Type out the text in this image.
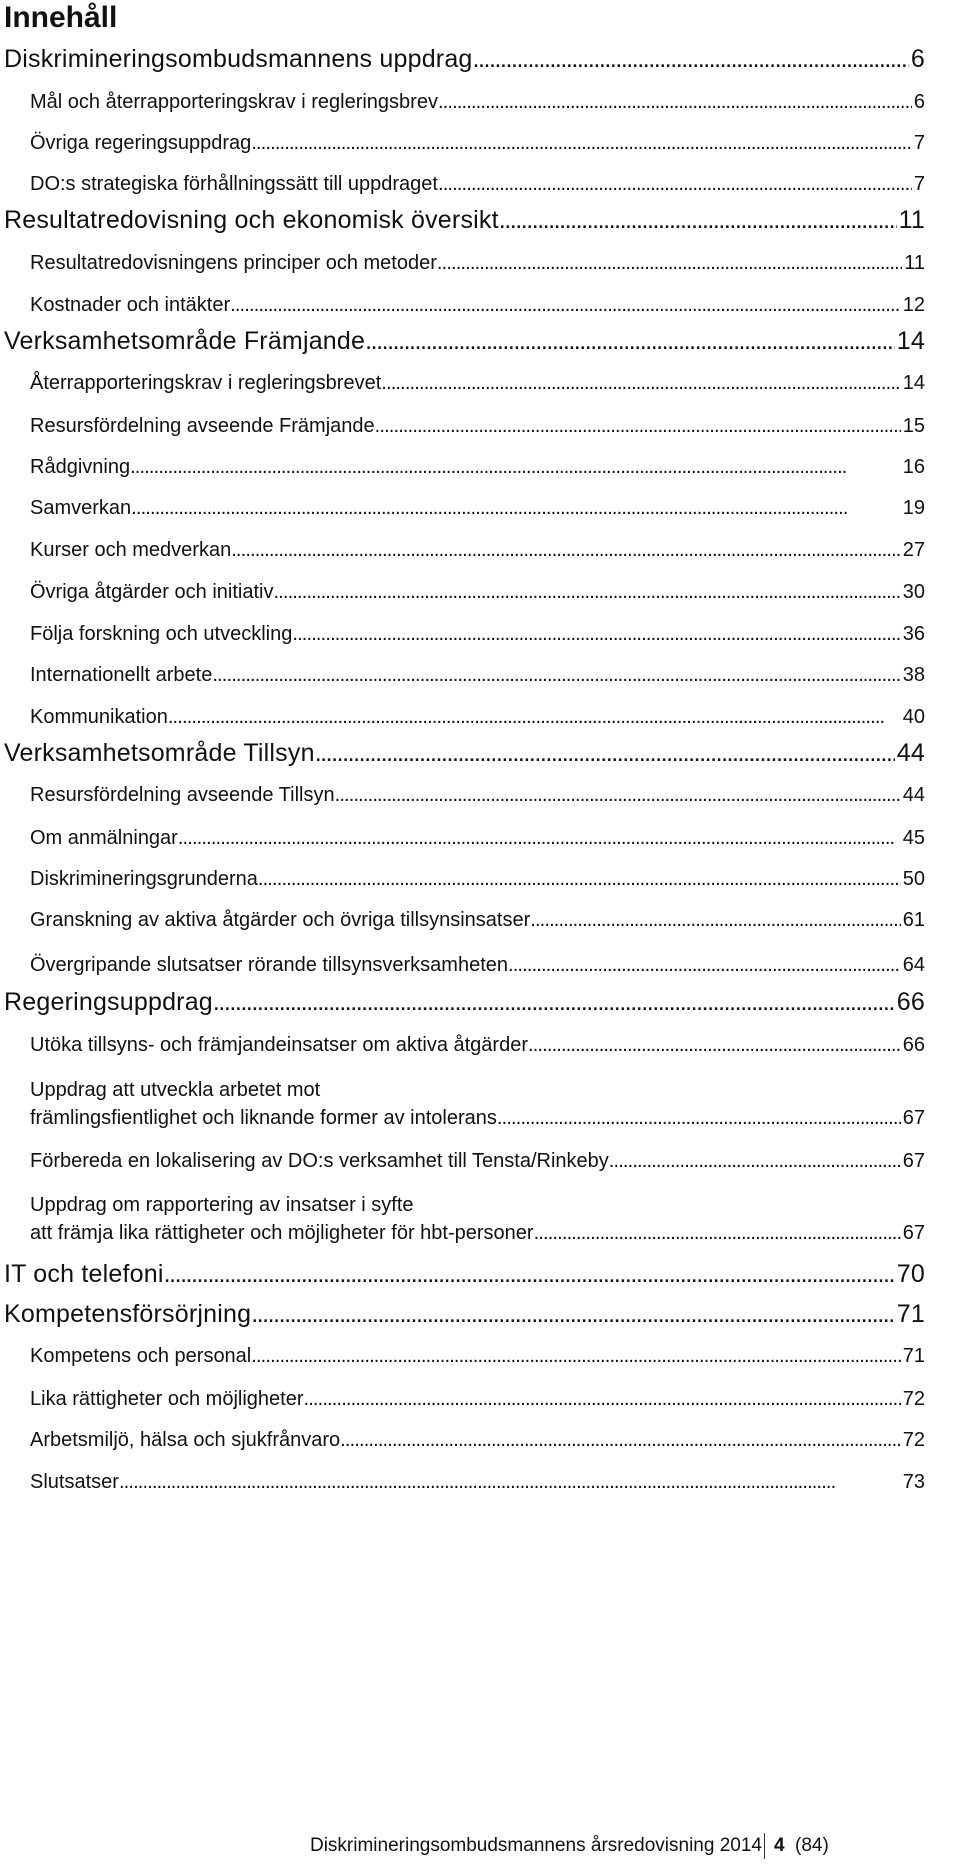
Innehåll
Diskrimineringsombudsmannens uppdrag . . .	6
Mål och återrapporteringskrav i regleringsbrev . . .	6
Övriga regeringsuppdrag . . .	7
DO:s strategiska förhållningssätt till uppdraget . . .	7
Resultatredovisning och ekonomisk översikt . . .	11
Resultatredovisningens principer och metoder . . .	11
Kostnader och intäkter . . .	12
Verksamhetsområde Främjande . . .	14
Återrapporteringskrav i regleringsbrevet . . .	14
Resursfördelning avseende Främjande . . .	15
Rådgivning . . .	16
Samverkan . . .	19
Kurser och medverkan . . .	27
Övriga åtgärder och initiativ . . .	30
Följa forskning och utveckling . . .	36
Internationellt arbete . . .	38
Kommunikation . . .	40
Verksamhetsområde Tillsyn . . .	44
Resursfördelning avseende Tillsyn . . .	44
Om anmälningar . . .	45
Diskrimineringsgrunderna . . .	50
Granskning av aktiva åtgärder och övriga tillsynsinsatser . . .	61
Övergripande slutsatser rörande tillsynsverksamheten . . .	64
Regeringsuppdrag . . .	66
Utöka tillsyns- och främjandeinsatser om aktiva åtgärder . . .	66
Uppdrag att utveckla arbetet mot
främlingsfientlighet och liknande former av intolerans . . .	67
Förbereda en lokalisering av DO:s verksamhet till Tensta/Rinkeby . . .	67
Uppdrag om rapportering av insatser i syfte
att främja lika rättigheter och möjligheter för hbt-personer . . .	67
IT och telefoni . . .	70
Kompetensförsörjning . . .	71
Kompetens och personal . . .	71
Lika rättigheter och möjligheter . . .	72
Arbetsmiljö, hälsa och sjukfrånvaro . . .	72
Slutsatser . . .	73
Diskrimineringsombudsmannens årsredovisning 2014 4 (84)
